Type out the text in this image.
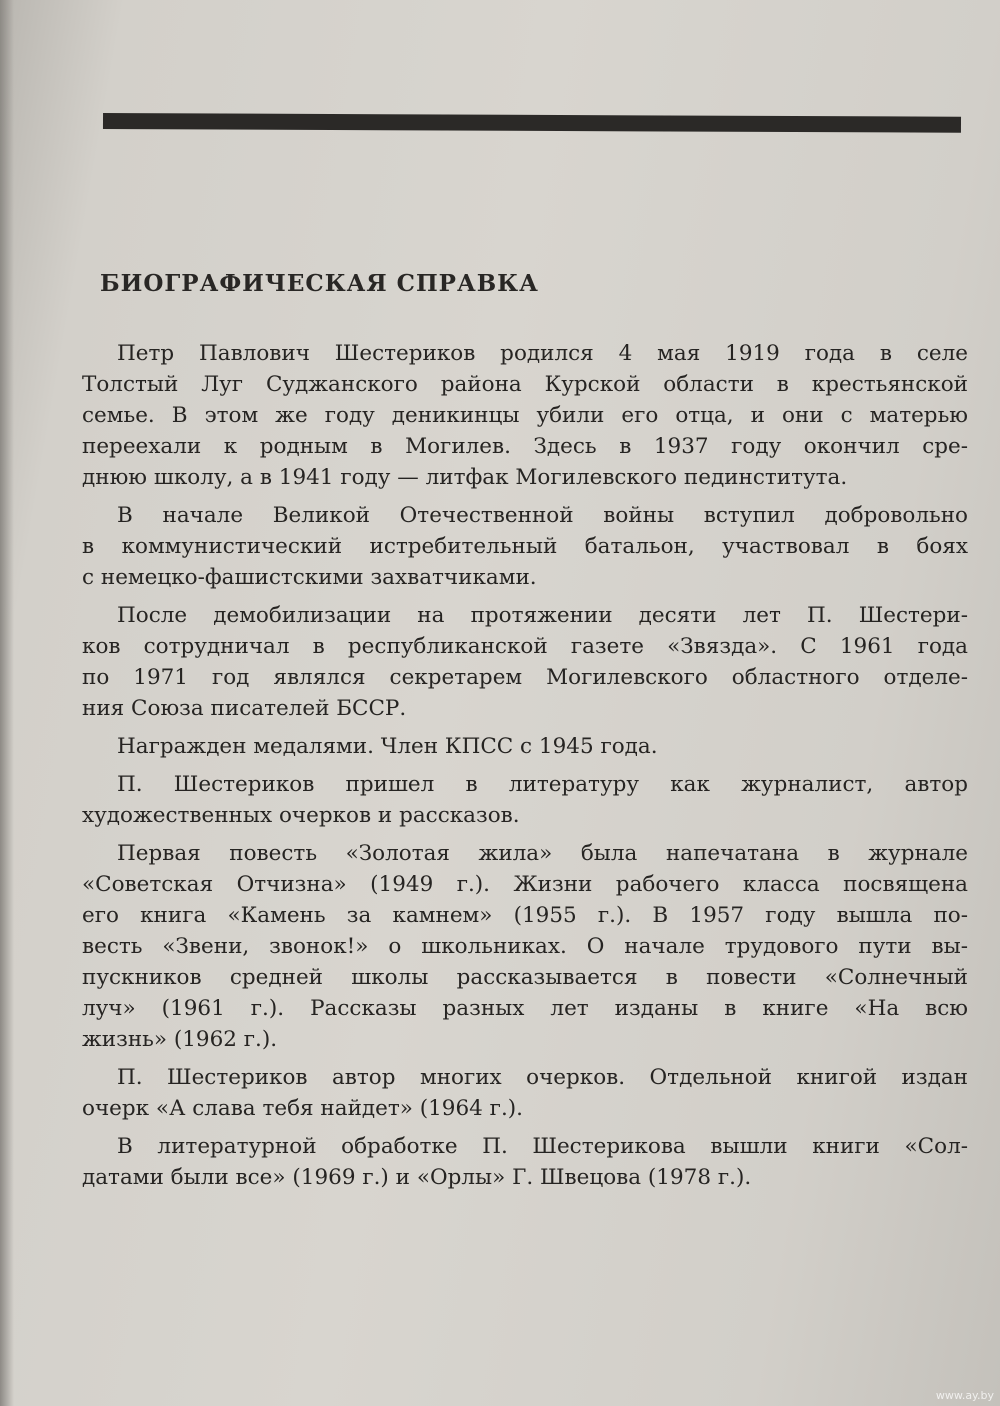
БИОГРАФИЧЕСКАЯ СПРАВКА

Петр Павлович Шестериков родился 4 мая 1919 года в селе
Толстый Луг Суджанского района Курской области в крестьянской
семье. В этом же году деникинцы убили его отца, и они с матерью
переехали к родным в Могилев. Здесь в 1937 году окончил сре-
днюю школу, а в 1941 году — литфак Могилевского пединститута.

В начале Великой Отечественной войны вступил добровольно
в коммунистический истребительный батальон, участвовал в боях
с немецко-фашистскими захватчиками.

После демобилизации на протяжении десяти лет П. Шестери-
ков сотрудничал в республиканской газете «Звязда». С 1961 года
по 1971 год являлся секретарем Могилевского областного отделе-
ния Союза писателей БССР.

Награжден медалями. Член КПСС с 1945 года.

П. Шестериков пришел в литературу как журналист, автор
художественных очерков и рассказов.

Первая повесть «Золотая жила» была напечатана в журнале
«Советская Отчизна» (1949 г.). Жизни рабочего класса посвящена
его книга «Камень за камнем» (1955 г.). В 1957 году вышла по-
весть «Звени, звонок!» о школьниках. О начале трудового пути вы-
пускников средней школы рассказывается в повести «Солнечный
луч» (1961 г.). Рассказы разных лет изданы в книге «На всю
жизнь» (1962 г.).

П. Шестериков автор многих очерков. Отдельной книгой издан
очерк «А слава тебя найдет» (1964 г.).

В литературной обработке П. Шестерикова вышли книги «Сол-
датами были все» (1969 г.) и «Орлы» Г. Швецова (1978 г.).

www.ay.by
